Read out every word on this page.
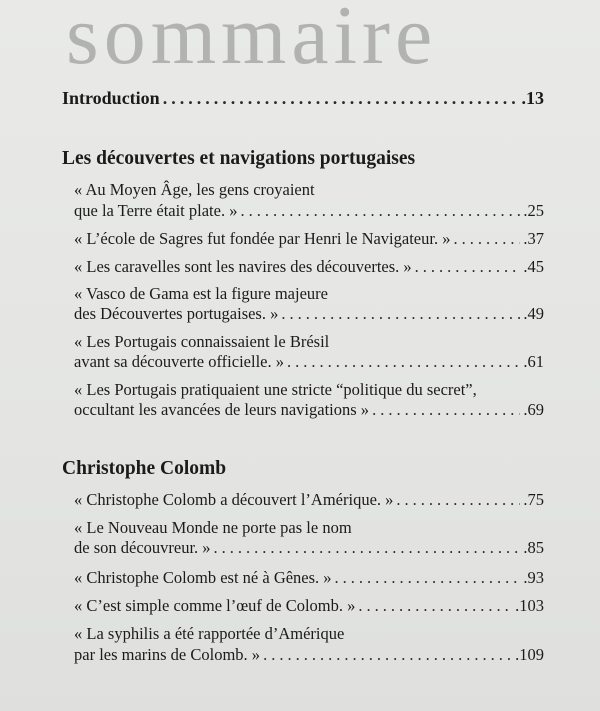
sommaire
Introduction .....	.13
Les découvertes et navigations portugaises
« Au Moyen Âge, les gens croyaient
que la Terre était plate. » .....	.25
« L’école de Sagres fut fondée par Henri le Navigateur. » .....	.37
« Les caravelles sont les navires des découvertes. » .....	.45
« Vasco de Gama est la figure majeure
des Découvertes portugaises. » .....	.49
« Les Portugais connaissaient le Brésil
avant sa découverte officielle. » .....	.61
« Les Portugais pratiquaient une stricte “politique du secret”,
occultant les avancées de leurs navigations » .....	.69
Christophe Colomb
« Christophe Colomb a découvert l’Amérique. » .....	.75
« Le Nouveau Monde ne porte pas le nom
de son découvreur. » .....	.85
« Christophe Colomb est né à Gênes. » .....	.93
« C’est simple comme l’œuf de Colomb. » .....	.103
« La syphilis a été rapportée d’Amérique
par les marins de Colomb. » .....	.109
